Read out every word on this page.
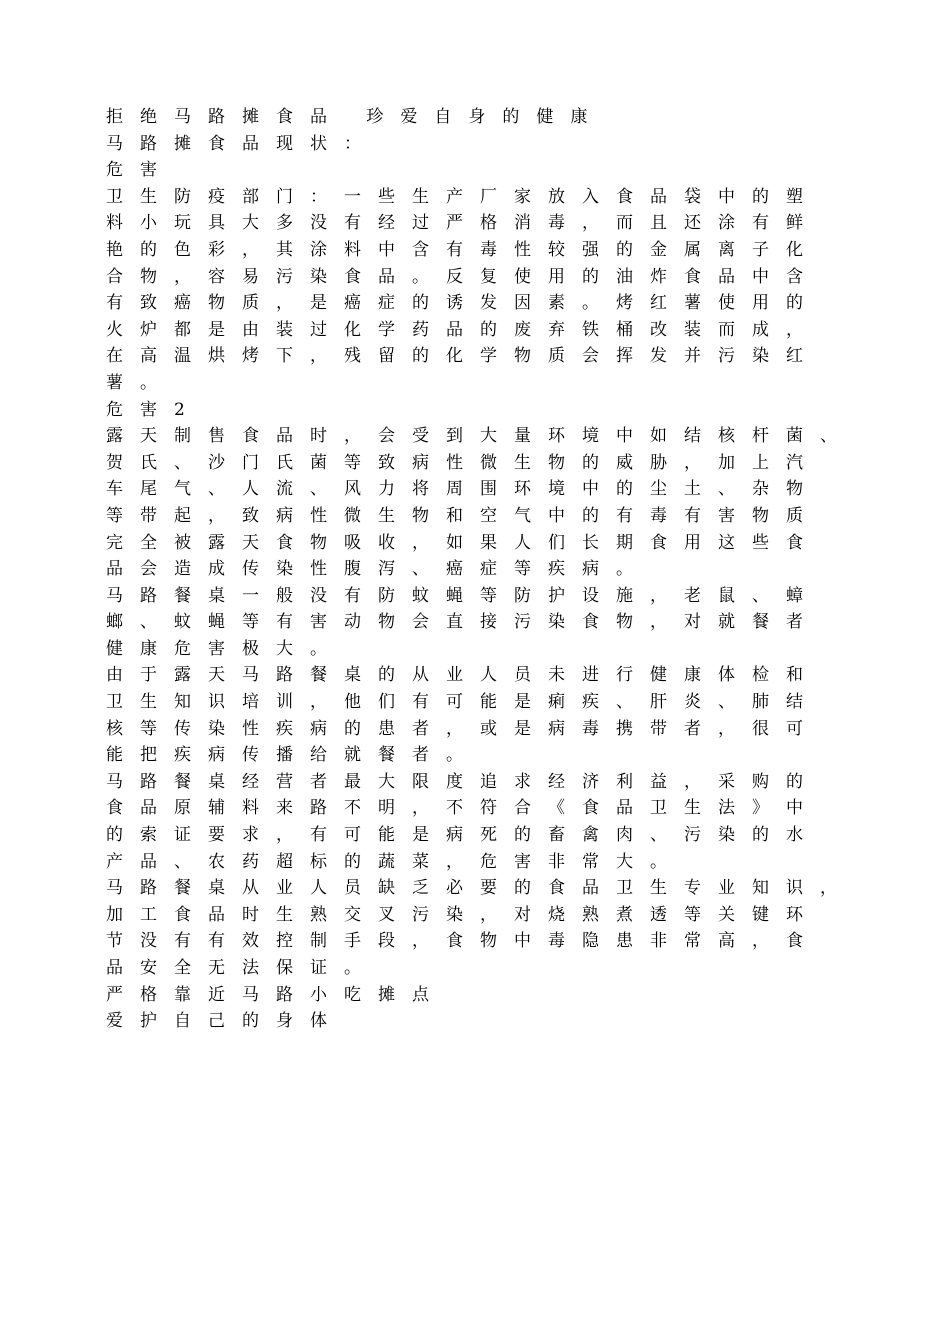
拒绝马路摊食品 珍爱自身的健康
马路摊食品现状：
危害
卫生防疫部门：一些生产厂家放入食品袋中的塑
料小玩具大多没有经过严格消毒，而且还涂有鲜
艳的色彩，其涂料中含有毒性较强的金属离子化
合物，容易污染食品。反复使用的油炸食品中含
有致癌物质，是癌症的诱发因素。烤红薯使用的
火炉都是由装过化学药品的废弃铁桶改装而成，
在高温烘烤下，残留的化学物质会挥发并污染红
薯。
危害2
露天制售食品时，会受到大量环境中如结核杆菌、
贺氏、沙门氏菌等致病性微生物的威胁，加上汽
车尾气、人流、风力将周围环境中的尘土、杂物
等带起，致病性微生物和空气中的有毒有害物质
完全被露天食物吸收，如果人们长期食用这些食
品会造成传染性腹泻、癌症等疾病。
马路餐桌一般没有防蚊蝇等防护设施，老鼠、蟑
螂、蚊蝇等有害动物会直接污染食物，对就餐者
健康危害极大。
由于露天马路餐桌的从业人员未进行健康体检和
卫生知识培训，他们有可能是痢疾、肝炎、肺结
核等传染性疾病的患者，或是病毒携带者，很可
能把疾病传播给就餐者。
马路餐桌经营者最大限度追求经济利益，采购的
食品原辅料来路不明，不符合《食品卫生法》中
的索证要求，有可能是病死的畜禽肉、污染的水
产品、农药超标的蔬菜，危害非常大。
马路餐桌从业人员缺乏必要的食品卫生专业知识，
加工食品时生熟交叉污染，对烧熟煮透等关键环
节没有有效控制手段，食物中毒隐患非常高，食
品安全无法保证。
严格靠近马路小吃摊点
爱护自己的身体
